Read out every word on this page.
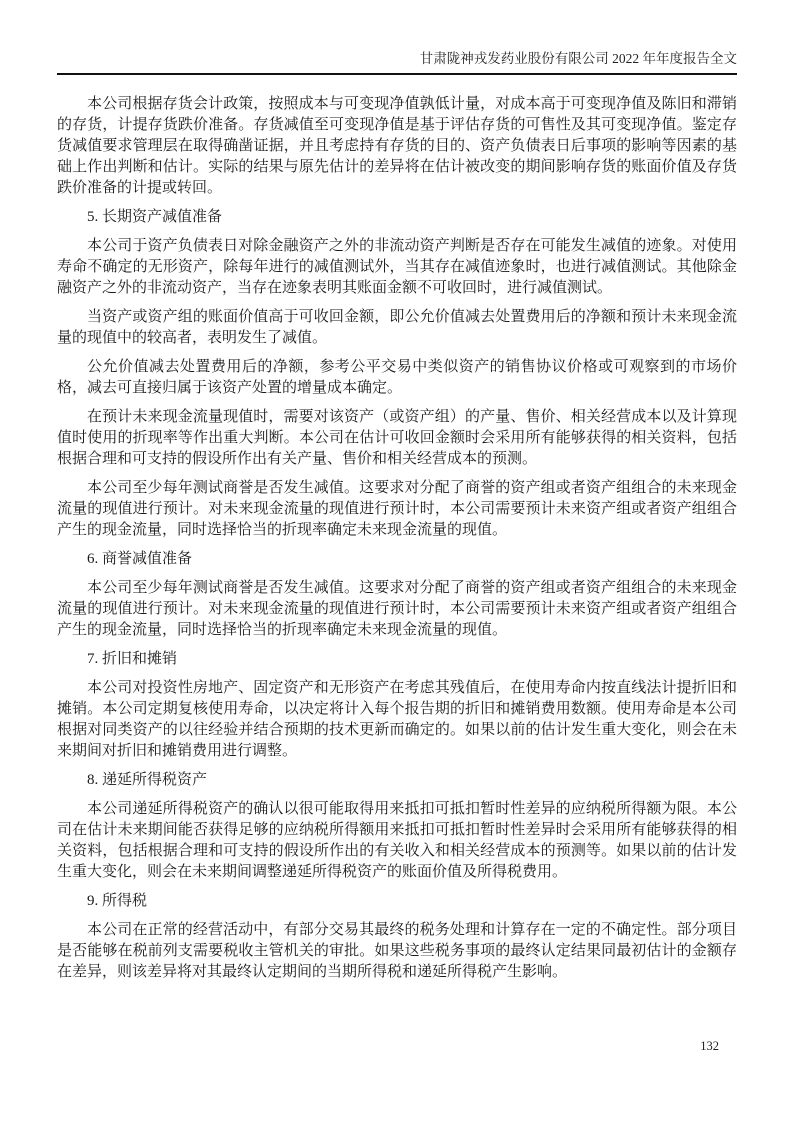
甘肃陇神戎发药业股份有限公司 2022 年年度报告全文

本公司根据存货会计政策，按照成本与可变现净值孰低计量，对成本高于可变现净值及陈旧和滞销的存货，计提存货跌价准备。存货减值至可变现净值是基于评估存货的可售性及其可变现净值。鉴定存货减值要求管理层在取得确凿证据，并且考虑持有存货的目的、资产负债表日后事项的影响等因素的基础上作出判断和估计。实际的结果与原先估计的差异将在估计被改变的期间影响存货的账面价值及存货跌价准备的计提或转回。

5. 长期资产减值准备

本公司于资产负债表日对除金融资产之外的非流动资产判断是否存在可能发生减值的迹象。对使用寿命不确定的无形资产，除每年进行的减值测试外，当其存在减值迹象时，也进行减值测试。其他除金融资产之外的非流动资产，当存在迹象表明其账面金额不可收回时，进行减值测试。

当资产或资产组的账面价值高于可收回金额，即公允价值减去处置费用后的净额和预计未来现金流量的现值中的较高者，表明发生了减值。

公允价值减去处置费用后的净额，参考公平交易中类似资产的销售协议价格或可观察到的市场价格，减去可直接归属于该资产处置的增量成本确定。

在预计未来现金流量现值时，需要对该资产（或资产组）的产量、售价、相关经营成本以及计算现值时使用的折现率等作出重大判断。本公司在估计可收回金额时会采用所有能够获得的相关资料，包括根据合理和可支持的假设所作出有关产量、售价和相关经营成本的预测。

本公司至少每年测试商誉是否发生减值。这要求对分配了商誉的资产组或者资产组组合的未来现金流量的现值进行预计。对未来现金流量的现值进行预计时，本公司需要预计未来资产组或者资产组组合产生的现金流量，同时选择恰当的折现率确定未来现金流量的现值。

6. 商誉减值准备

本公司至少每年测试商誉是否发生减值。这要求对分配了商誉的资产组或者资产组组合的未来现金流量的现值进行预计。对未来现金流量的现值进行预计时，本公司需要预计未来资产组或者资产组组合产生的现金流量，同时选择恰当的折现率确定未来现金流量的现值。

7. 折旧和摊销

本公司对投资性房地产、固定资产和无形资产在考虑其残值后，在使用寿命内按直线法计提折旧和摊销。本公司定期复核使用寿命，以决定将计入每个报告期的折旧和摊销费用数额。使用寿命是本公司根据对同类资产的以往经验并结合预期的技术更新而确定的。如果以前的估计发生重大变化，则会在未来期间对折旧和摊销费用进行调整。

8. 递延所得税资产

本公司递延所得税资产的确认以很可能取得用来抵扣可抵扣暂时性差异的应纳税所得额为限。本公司在估计未来期间能否获得足够的应纳税所得额用来抵扣可抵扣暂时性差异时会采用所有能够获得的相关资料，包括根据合理和可支持的假设所作出的有关收入和相关经营成本的预测等。如果以前的估计发生重大变化，则会在未来期间调整递延所得税资产的账面价值及所得税费用。

9. 所得税

本公司在正常的经营活动中，有部分交易其最终的税务处理和计算存在一定的不确定性。部分项目是否能够在税前列支需要税收主管机关的审批。如果这些税务事项的最终认定结果同最初估计的金额存在差异，则该差异将对其最终认定期间的当期所得税和递延所得税产生影响。

132
